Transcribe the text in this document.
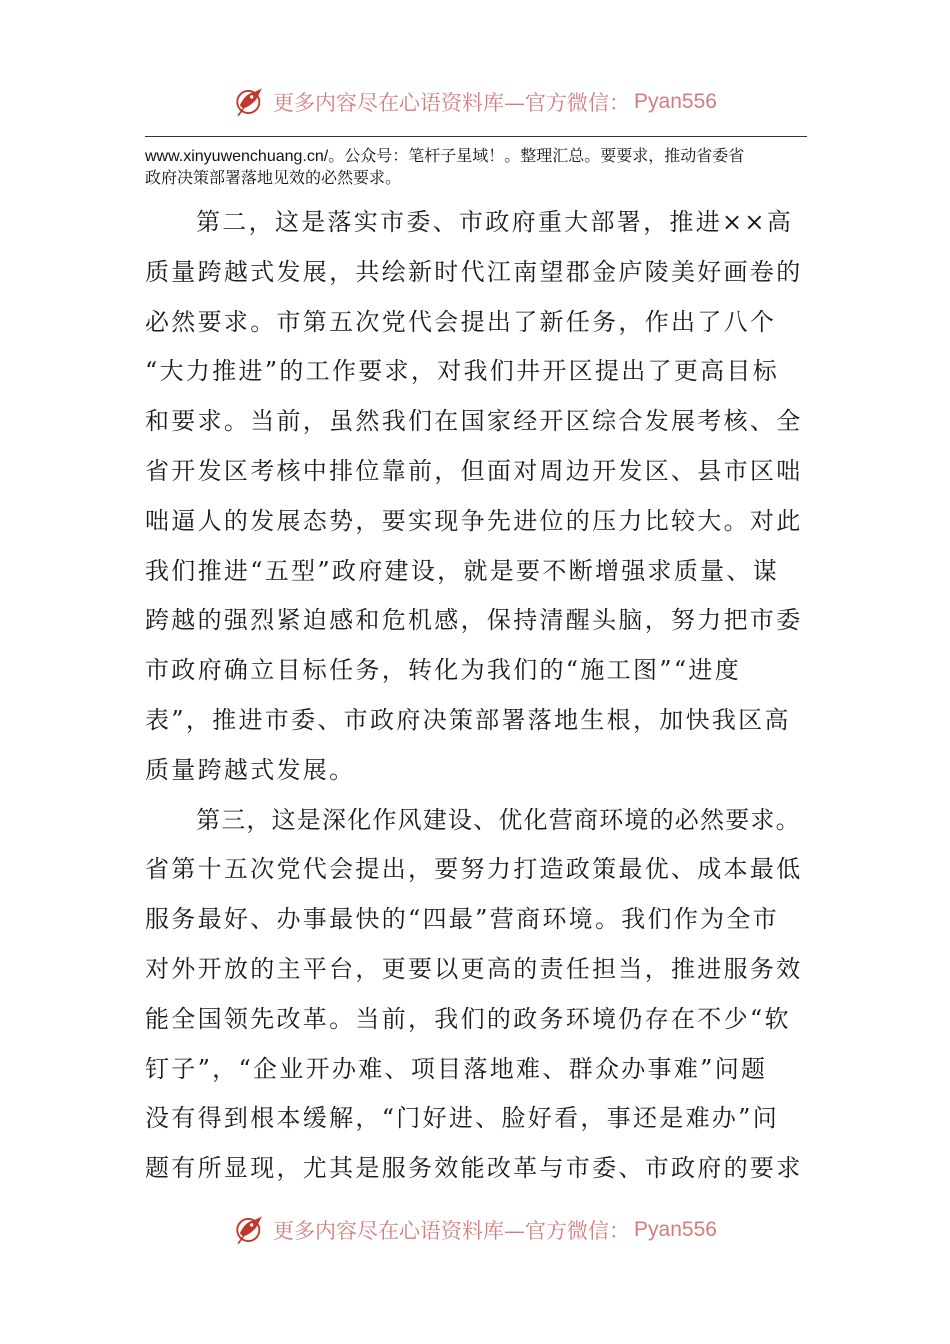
更多内容尽在心语资料库—官方微信： Pyan556

www.xinyuwenchuang.cn/。公众号：笔杆子星域！。整理汇总。要要求，推动省委省

政府决策部署落地见效的必然要求。

第二，这是落实市委、市政府重大部署，推进××高
质量跨越式发展，共绘新时代江南望郡金庐陵美好画卷的
必然要求。市第五次党代会提出了新任务，作出了八个
“大力推进”的工作要求，对我们井开区提出了更高目标
和要求。当前，虽然我们在国家经开区综合发展考核、全
省开发区考核中排位靠前，但面对周边开发区、县市区咄
咄逼人的发展态势，要实现争先进位的压力比较大。对此
我们推进“五型”政府建设，就是要不断增强求质量、谋
跨越的强烈紧迫感和危机感，保持清醒头脑，努力把市委
市政府确立目标任务，转化为我们的“施工图”“进度
表”，推进市委、市政府决策部署落地生根，加快我区高
质量跨越式发展。
第三，这是深化作风建设、优化营商环境的必然要求。
省第十五次党代会提出，要努力打造政策最优、成本最低
服务最好、办事最快的“四最”营商环境。我们作为全市
对外开放的主平台，更要以更高的责任担当，推进服务效
能全国领先改革。当前，我们的政务环境仍存在不少“软
钉子”，“企业开办难、项目落地难、群众办事难”问题
没有得到根本缓解，“门好进、脸好看，事还是难办”问
题有所显现，尤其是服务效能改革与市委、市政府的要求
更多内容尽在心语资料库—官方微信： Pyan556
